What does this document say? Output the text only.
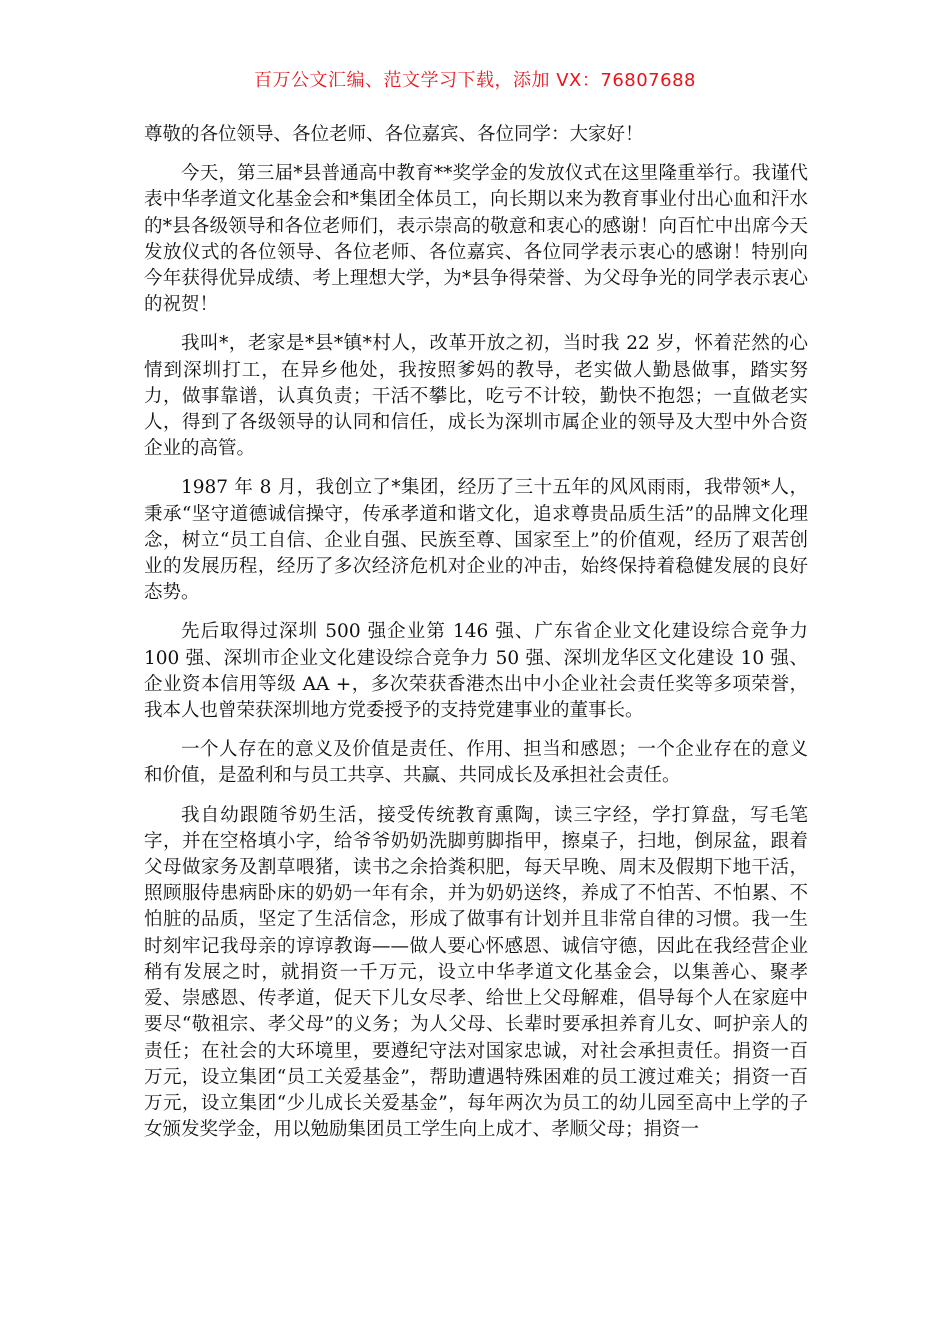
百万公文汇编、范文学习下载，添加 VX：76807688

尊敬的各位领导、各位老师、各位嘉宾、各位同学：大家好！

今天，第三届*县普通高中教育**奖学金的发放仪式在这里隆重举行。我谨代表中华孝道文化基金会和*集团全体员工，向长期以来为教育事业付出心血和汗水的*县各级领导和各位老师们，表示崇高的敬意和衷心的感谢！向百忙中出席今天发放仪式的各位领导、各位老师、各位嘉宾、各位同学表示衷心的感谢！特别向今年获得优异成绩、考上理想大学，为*县争得荣誉、为父母争光的同学表示衷心的祝贺！

我叫*，老家是*县*镇*村人，改革开放之初，当时我 22 岁，怀着茫然的心情到深圳打工，在异乡他处，我按照爹妈的教导，老实做人勤恳做事，踏实努力，做事靠谱，认真负责；干活不攀比，吃亏不计较，勤快不抱怨；一直做老实人，得到了各级领导的认同和信任，成长为深圳市属企业的领导及大型中外合资企业的高管。

1987 年 8 月，我创立了*集团，经历了三十五年的风风雨雨，我带领*人，秉承“坚守道德诚信操守，传承孝道和谐文化，追求尊贵品质生活”的品牌文化理念，树立“员工自信、企业自强、民族至尊、国家至上”的价值观，经历了艰苦创业的发展历程，经历了多次经济危机对企业的冲击，始终保持着稳健发展的良好态势。

先后取得过深圳 500 强企业第 146 强、广东省企业文化建设综合竞争力 100 强、深圳市企业文化建设综合竞争力 50 强、深圳龙华区文化建设 10 强、企业资本信用等级 AA +，多次荣获香港杰出中小企业社会责任奖等多项荣誉，我本人也曾荣获深圳地方党委授予的支持党建事业的董事长。

一个人存在的意义及价值是责任、作用、担当和感恩；一个企业存在的意义和价值，是盈利和与员工共享、共赢、共同成长及承担社会责任。

我自幼跟随爷奶生活，接受传统教育熏陶，读三字经，学打算盘，写毛笔字，并在空格填小字，给爷爷奶奶洗脚剪脚指甲，擦桌子，扫地，倒尿盆，跟着父母做家务及割草喂猪，读书之余拾粪积肥，每天早晚、周末及假期下地干活，照顾服侍患病卧床的奶奶一年有余，并为奶奶送终，养成了不怕苦、不怕累、不怕脏的品质，坚定了生活信念，形成了做事有计划并且非常自律的习惯。我一生时刻牢记我母亲的谆谆教诲——做人要心怀感恩、诚信守德，因此在我经营企业稍有发展之时，就捐资一千万元，设立中华孝道文化基金会，以集善心、聚孝爱、崇感恩、传孝道，促天下儿女尽孝、给世上父母解难，倡导每个人在家庭中要尽“敬祖宗、孝父母”的义务；为人父母、长辈时要承担养育儿女、呵护亲人的责任；在社会的大环境里，要遵纪守法对国家忠诚，对社会承担责任。捐资一百万元，设立集团“员工关爱基金”，帮助遭遇特殊困难的员工渡过难关；捐资一百万元，设立集团“少儿成长关爱基金”，每年两次为员工的幼儿园至高中上学的子女颁发奖学金，用以勉励集团员工学生向上成才、孝顺父母；捐资一
